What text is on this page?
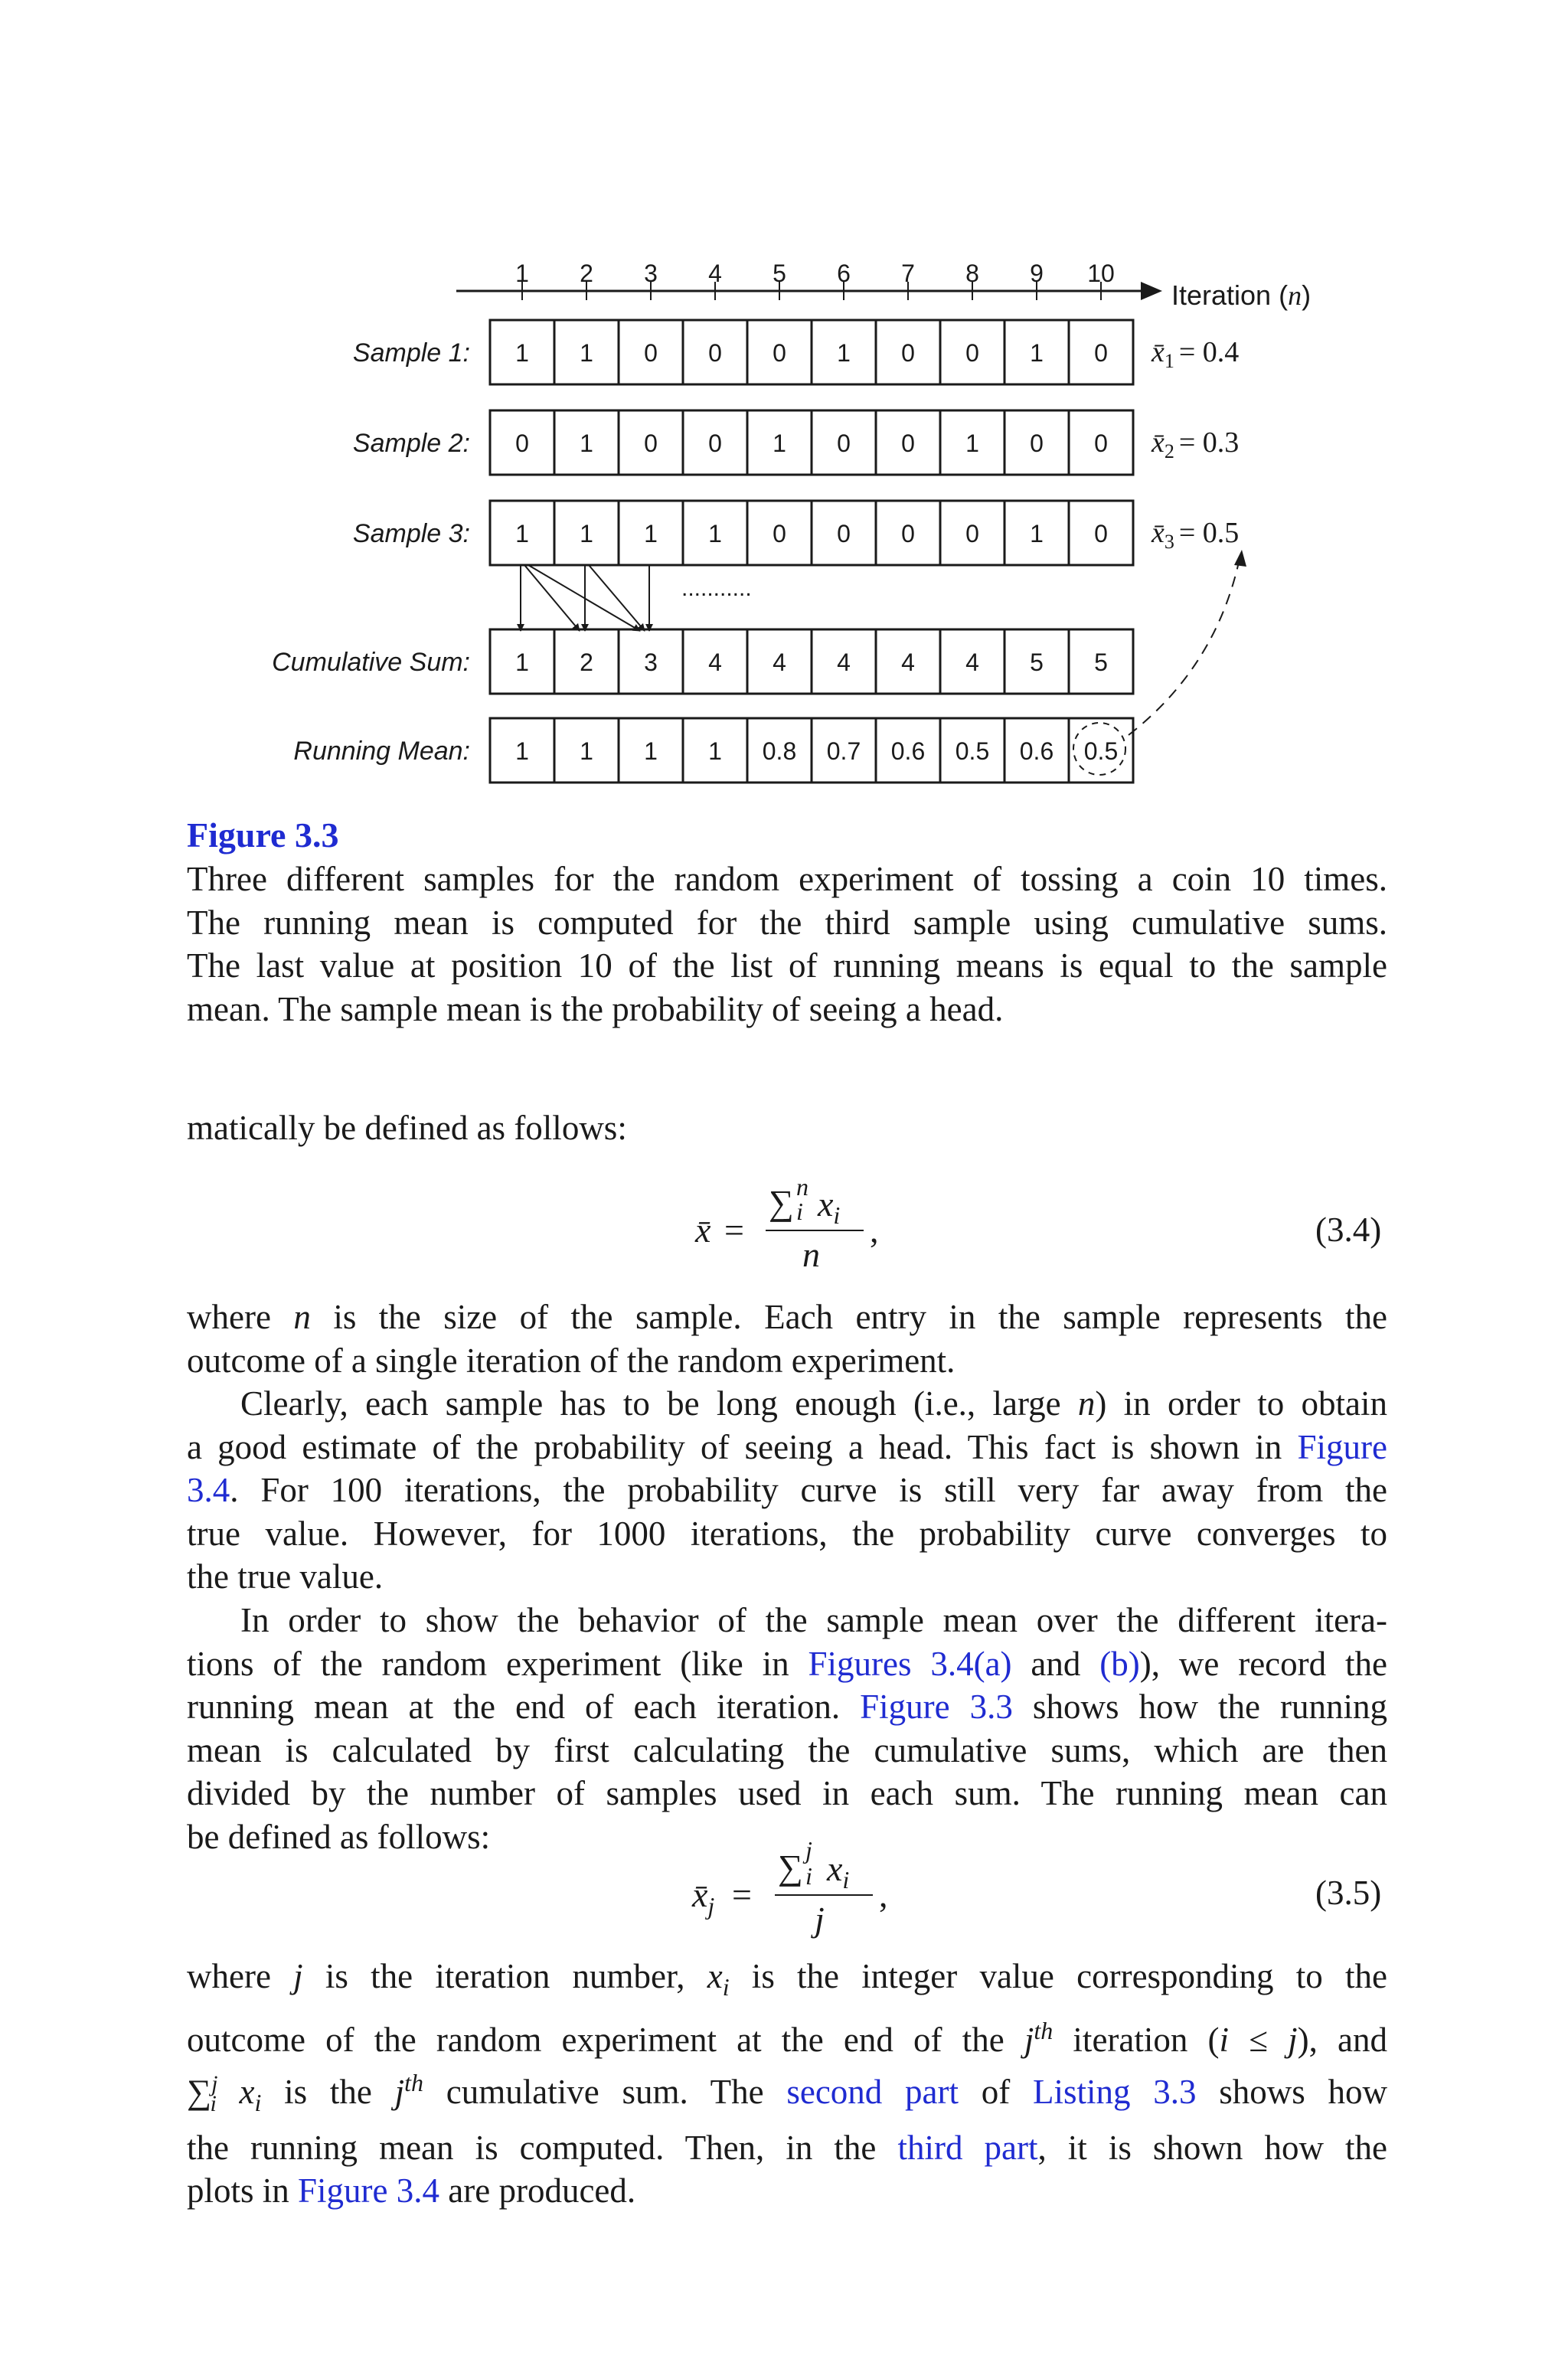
1 2 3 4 5 6 7 8 9 10
Iteration (n)
Sample 1: 1 1 0 0 0 1 0 0 1 0 $x̄_1 = 0.4$
Sample 2: 0 1 0 0 1 0 0 1 0 0 $x̄_2 = 0.3$
Sample 3: 1 1 1 1 0 0 0 0 1 0 $x̄_3 = 0.5$
Cumulative Sum: 1 2 3 4 4 4 4 4 5 5
Running Mean: 1 1 1 1 0.8 0.7 0.6 0.5 0.6 0.5
...........
Figure 3.3

Three different samples for the random experiment of tossing a coin 10 times.
The running mean is computed for the third sample using cumulative sums.
The last value at position 10 of the list of running means is equal to the sample
mean. The sample mean is the probability of seeing a head.

matically be defined as follows:

x̄ =
∑ n
i $x_i$
n
,	(3.4)

where n is the size of the sample. Each entry in the sample represents the
outcome of a single iteration of the random experiment.

Clearly, each sample has to be long enough (i.e., large n) in order to obtain
a good estimate of the probability of seeing a head. This fact is shown in Figure
3.4. For 100 iterations, the probability curve is still very far away from the
true value. However, for 1000 iterations, the probability curve converges to
the true value.

In order to show the behavior of the sample mean over the different itera-
tions of the random experiment (like in Figures 3.4(a) and (b)), we record the
running mean at the end of each iteration. Figure 3.3 shows how the running
mean is calculated by first calculating the cumulative sums, which are then
divided by the number of samples used in each sum. The running mean can
be defined as follows:

$x̄_j$ =
∑ j
i $x_i$
j
,	(3.5)

where j is the iteration number, $x_i$ is the integer value corresponding to the
outcome of the random experiment at the end of the $j^{th}$ iteration (i ≤ j), and
∑$^j_i$ $x_i$ is the $j^{th}$ cumulative sum. The second part of Listing 3.3 shows how
the running mean is computed. Then, in the third part, it is shown how the
plots in Figure 3.4 are produced.
